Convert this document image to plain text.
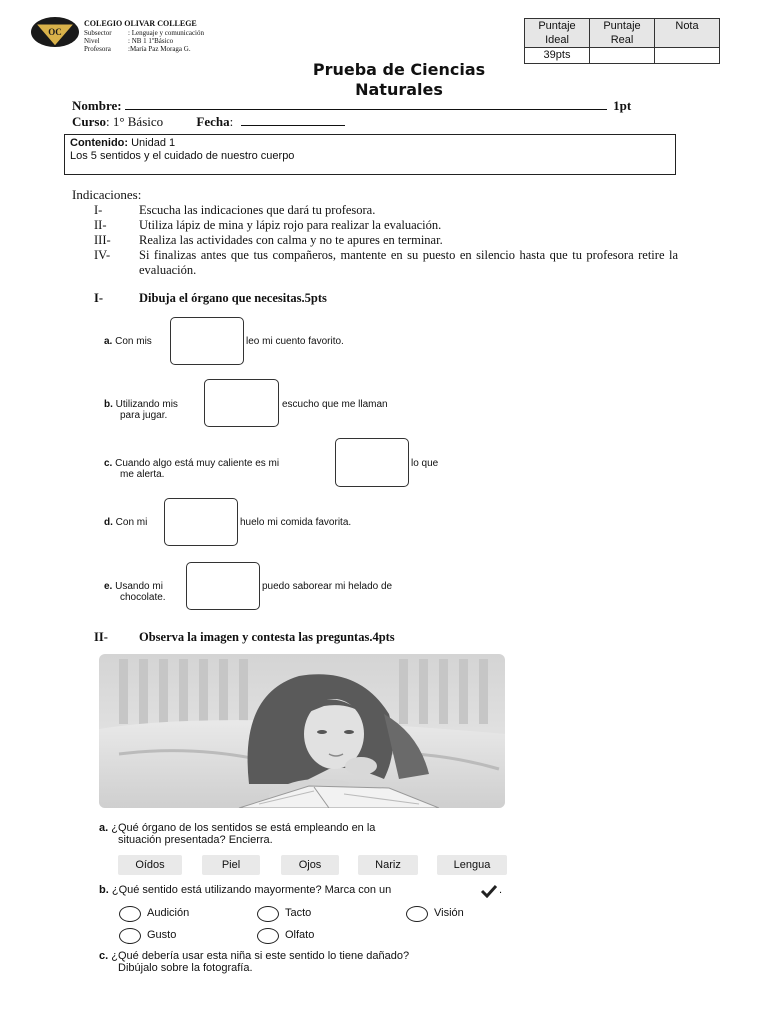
OC
COLEGIO OLIVAR COLLEGE
Subsector : Lenguaje y comunicación
Nivel	: NB 1 1ºBásico
Profesora :María Paz Moraga G.
Puntaje Ideal	Puntaje Real	Nota
39pts		
Prueba de Ciencias Naturales
Nombre:	1pt
Curso: 1° Básico	Fecha:
Contenido: Unidad 1
Los 5 sentidos y el cuidado de nuestro cuerpo
Indicaciones:
I-	Escucha las indicaciones que dará tu profesora.
II-	Utiliza lápiz de mina y lápiz rojo para realizar la evaluación.
III- Realiza las actividades con calma y no te apures en terminar.
IV- Si finalizas antes que tus compañeros, mantente en su puesto en silencio hasta que tu profesora retire la evaluación.
I-	Dibuja el órgano que necesitas.5pts
a. Con mis	leo mi cuento favorito.
b. Utilizando mis
para jugar.
escucho que me llaman
c. Cuando algo está muy caliente es mi
me alerta.
lo que
d. Con mi	huelo mi comida favorita.
e. Usando mi
chocolate.
puedo saborear mi helado de
II- Observa la imagen y contesta las preguntas.4pts
a. ¿Qué órgano de los sentidos se está empleando en la
situación presentada? Encierra.
Oídos	Piel	Ojos	Nariz	Lengua
b. ¿Qué sentido está utilizando mayormente? Marca con un	.
Audición	Tacto	Visión
Gusto	Olfato
c. ¿Qué debería usar esta niña si este sentido lo tiene dañado?
Dibújalo sobre la fotografía.
